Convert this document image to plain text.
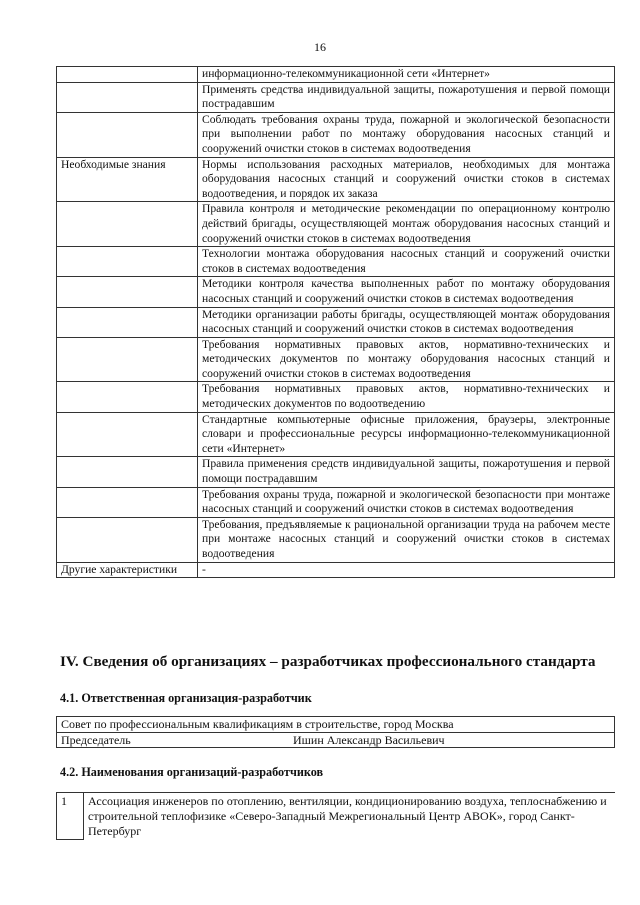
16
	информационно-телекоммуникационной сети «Интернет»
	Применять средства индивидуальной защиты, пожаротушения и первой помощи пострадавшим
	Соблюдать требования охраны труда, пожарной и экологической безопасности при выполнении работ по монтажу оборудования насосных станций и сооружений очистки стоков в системах водоотведения
Необходимые знания	Нормы использования расходных материалов, необходимых для монтажа оборудования насосных станций и сооружений очистки стоков в системах водоотведения, и порядок их заказа
	Правила контроля и методические рекомендации по операционному контролю действий бригады, осуществляющей монтаж оборудования насосных станций и сооружений очистки стоков в системах водоотведения
	Технологии монтажа оборудования насосных станций и сооружений очистки стоков в системах водоотведения
	Методики контроля качества выполненных работ по монтажу оборудования насосных станций и сооружений очистки стоков в системах водоотведения
	Методики организации работы бригады, осуществляющей монтаж оборудования насосных станций и сооружений очистки стоков в системах водоотведения
	Требования нормативных правовых актов, нормативно-технических и методических документов по монтажу оборудования насосных станций и сооружений очистки стоков в системах водоотведения
	Требования нормативных правовых актов, нормативно-технических и методических документов по водоотведению
	Стандартные компьютерные офисные приложения, браузеры, электронные словари и профессиональные ресурсы информационно-телекоммуникационной сети «Интернет»
	Правила применения средств индивидуальной защиты, пожаротушения и первой помощи пострадавшим
	Требования охраны труда, пожарной и экологической безопасности при монтаже насосных станций и сооружений очистки стоков в системах водоотведения
	Требования, предъявляемые к рациональной организации труда на рабочем месте при монтаже насосных станций и сооружений очистки стоков в системах водоотведения
Другие характеристики	-
IV. Сведения об организациях – разработчиках профессионального стандарта
4.1. Ответственная организация-разработчик
Совет по профессиональным квалификациям в строительстве, город Москва

Председатель	Ишин Александр Васильевич
4.2. Наименования организаций-разработчиков
1	Ассоциация инженеров по отоплению, вентиляции, кондиционированию воздуха, теплоснабжению и строительной теплофизике «Северо-Западный Межрегиональный Центр АВОК», город Санкт-Петербург
